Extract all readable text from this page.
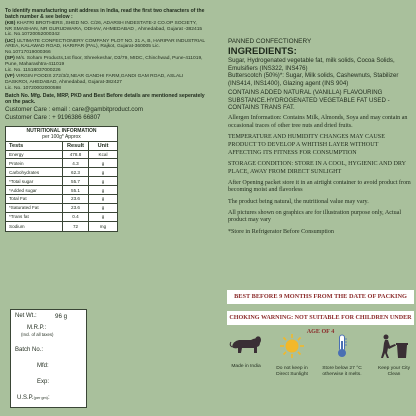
To identify manufacturing unit address in India, read the first two characters of the batch number & see below :
(KB) KHATRI BROTHERS ,SHED NO. C/26, ADARSH INDESTATE-2 CO.OP SOCIETY, NR SMASHAN, NR GURUDWARA, ODHAV, AHMEDABAD , Ahmedabad, Gujarat -382415
Lic. No.10720052000342
(UC) ULTIMATE CONFECTIONERY COMPANY PLOT NO. 21 A, B, HARIPAR INDUSTRIAL AREA, KALAWAD ROAD, HARIPAR (PAL), Rajkot, Gujarat-360005 Lic. No.10717019000366
(SP) M/s. Soham Products,1st floor, Shreekeshar, D3/79, MIDC, Chinchwad, Pune-411019, Pune, Maharashtra-411019
Lic. No. 11518037000226
(VF) VIRGIN FOODS 272/3/2,NEAR GANDHI FARM,GANDI GAM ROAD, ASLALI DASKROI, AHEDABAD, Ahmedabad, Gujarat-382427
Lic. No. 10720002000598
Batch No. Mfg. Date, MRP, PKD and Best Before details are mentioned seperately on the pack.
Customer Care : email : care@gambitproduct.com
Customer Care : + 9196386 66807
NUTRITIONAL INFORMATION
per 100g* Approx
Tests	Result	Unit
Energy	478.8	Kcal
Protein	4.3	g
Carbohydrates	62.3	g
*Total sugar	55.7	g
*Added sugar	55.1	g
Total Fat	23.6	g
*Saturated Fat	23.6	g
*Trans fat	0.4	g
Sodium	72	mg
Net Wt.:	96 g
M.R.P.:
(Incl. of all taxes)
Batch No.:
Mfd:
Exp:
U.S.P.(per gm):
PANNED CONFECTIONERY
INGREDIENTS:
Sugar, Hydrogenated vegetable fat, milk solids, Cocoa Solids, Emulsifiers (INS322, INS476)
Butterscotch (50%)*: Sugar, Milk solids, Cashewnuts, Stabilizer (INS414, INS1400), Glazing agent (INS 904)
CONTAINS ADDED NATURAL (VANILLA) FLAVOURING SUBSTANCE.HYDROGENATED VEGETABLE FAT USED - CONTAINS TRANS FAT.
Allergen Information: Contains Milk, Almonds, Soya and may contain an occasional traces of other tree nuts and dried fruits.
TEMPERATURE AND HUMIDITY CHANGES MAY CAUSE PRODUCT TO DEVELOP A WHITISH LAYER WITHOUT AFFECTING ITS FITNESS FOR CONSUMPTION
STORAGE CONDITION: STORE IN A COOL, HYGIENIC AND DRY PLACE, AWAY FROM DIRECT SUNLIGHT
After Opening packet store it in an airtight container to avoid product from becoming moist and flavorless
The product being natural, the nutritional value may vary.
All pictures shown on graphics are for illustration purpose only, Actual product may vary
*Store in Refrigerator Before Consumption
BEST BEFORE 9 MONTHS FROM THE DATE OF PACKING
CHOKING WARNING: NOT SUITABLE FOR CHILDREN UNDER AGE OF 4
Made in India	Do not keep in Direct Sunlight
Store below 27 °C otherwise it melts.
Keep your City Clean
